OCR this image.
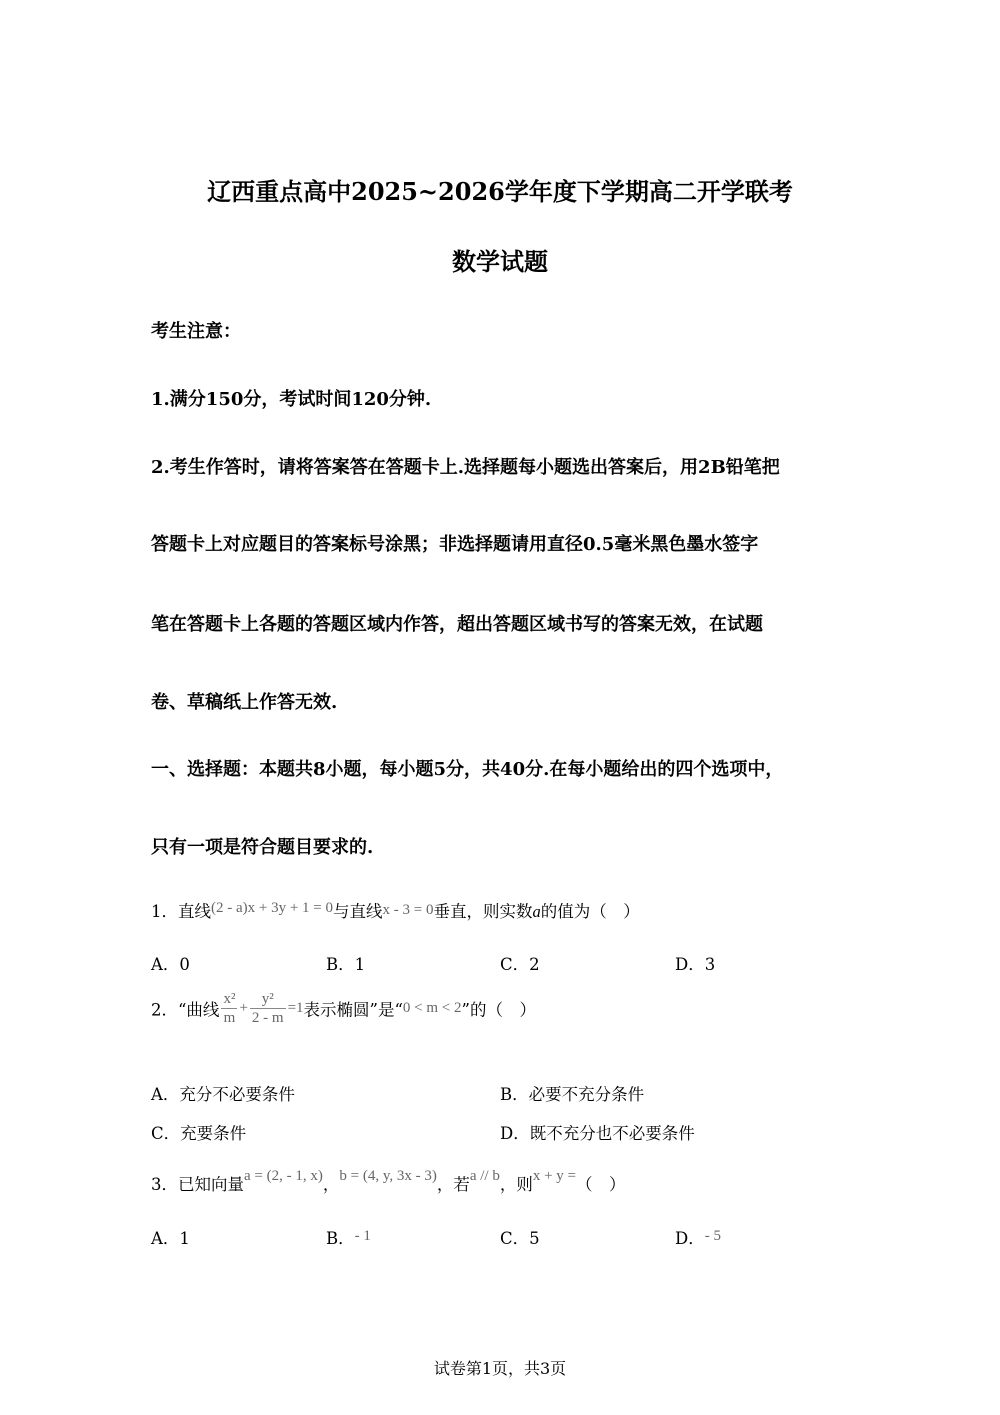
辽西重点高中2025~2026学年度下学期高二开学联考
数学试题
考生注意：
1.满分150分，考试时间120分钟.
2.考生作答时，请将答案答在答题卡上.选择题每小题选出答案后，用2B铅笔把
答题卡上对应题目的答案标号涂黑；非选择题请用直径0.5毫米黑色墨水签字
笔在答题卡上各题的答题区域内作答，超出答题区域书写的答案无效，在试题
卷、草稿纸上作答无效.
一、选择题：本题共8小题，每小题5分，共40分.在每小题给出的四个选项中，
只有一项是符合题目要求的.
1．直线(2 - a)x + 3y + 1 = 0与直线x - 3 = 0垂直，则实数a的值为（　）
A．0	B．1	C．2	D．3
2．“曲线 $\frac{\text{x²}}{m} + \frac{\text{y²}}{2 - m} =1$表示椭圆”是“0 < m < 2”的（　）
A．充分不必要条件	B．必要不充分条件
C．充要条件	D．既不充分也不必要条件
3．已知向量a = (2, - 1, x)，b = (4, y, 3x - 3)，若a // b，则x + y =（　）
A．1	B．- 1	C．5	D．- 5
试卷第1页，共3页
